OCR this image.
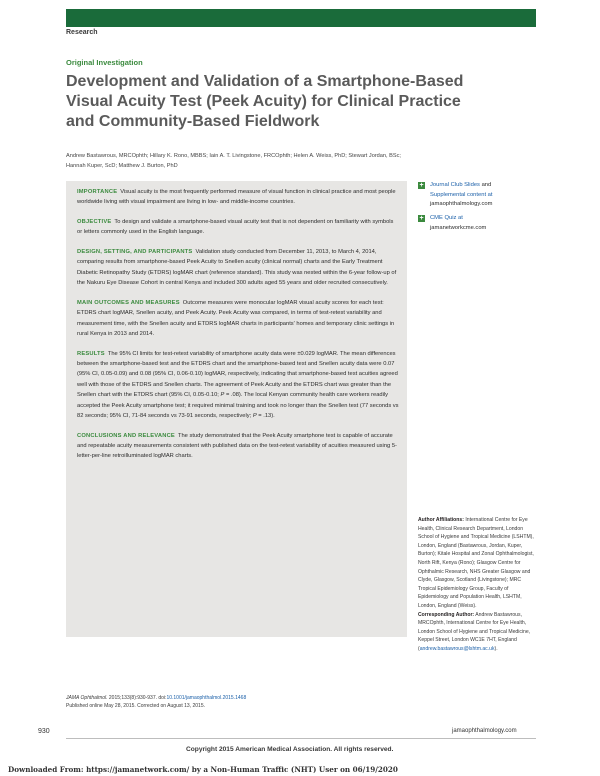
Research
Original Investigation
Development and Validation of a Smartphone-Based Visual Acuity Test (Peek Acuity) for Clinical Practice and Community-Based Fieldwork
Andrew Bastawrous, MRCOphth; Hillary K. Rono, MBBS; Iain A. T. Livingstone, FRCOphth; Helen A. Weiss, PhD; Stewart Jordan, BSc; Hannah Kuper, ScD; Matthew J. Burton, PhD

IMPORTANCE Visual acuity is the most frequently performed measure of visual function in clinical practice and most people worldwide living with visual impairment are living in low- and middle-income countries.

OBJECTIVE To design and validate a smartphone-based visual acuity test that is not dependent on familiarity with symbols or letters commonly used in the English language.

DESIGN, SETTING, AND PARTICIPANTS Validation study conducted from December 11, 2013, to March 4, 2014, comparing results from smartphone-based Peek Acuity to Snellen acuity (clinical normal) charts and the Early Treatment Diabetic Retinopathy Study (ETDRS) logMAR chart (reference standard). This study was nested within the 6-year follow-up of the Nakuru Eye Disease Cohort in central Kenya and included 300 adults aged 55 years and older recruited consecutively.

MAIN OUTCOMES AND MEASURES Outcome measures were monocular logMAR visual acuity scores for each test: ETDRS chart logMAR, Snellen acuity, and Peek Acuity. Peek Acuity was compared, in terms of test-retest variability and measurement time, with the Snellen acuity and ETDRS logMAR charts in participants' homes and temporary clinic settings in rural Kenya in 2013 and 2014.

RESULTS The 95% CI limits for test-retest variability of smartphone acuity data were ±0.029 logMAR. The mean differences between the smartphone-based test and the ETDRS chart and the smartphone-based test and Snellen acuity data were 0.07 (95% CI, 0.05-0.09) and 0.08 (95% CI, 0.06-0.10) logMAR, respectively, indicating that smartphone-based test acuities agreed well with those of the ETDRS and Snellen charts. The agreement of Peek Acuity and the ETDRS chart was greater than the Snellen chart with the ETDRS chart (95% CI, 0.05-0.10; P = .08). The local Kenyan community health care workers readily accepted the Peek Acuity smartphone test; it required minimal training and took no longer than the Snellen test (77 seconds vs 82 seconds; 95% CI, 71-84 seconds vs 73-91 seconds, respectively; P = .13).

CONCLUSIONS AND RELEVANCE The study demonstrated that the Peek Acuity smartphone test is capable of accurate and repeatable acuity measurements consistent with published data on the test-retest variability of acuities measured using 5-letter-per-line retroilluminated logMAR charts.

+ Journal Club Slides and
Supplemental content at
jamaophthalmology.com
+ CME Quiz at
jamanetworkcme.com
Author Affiliations: International Centre for Eye Health, Clinical Research Department, London School of Hygiene and Tropical Medicine (LSHTM), London, England (Bastawrous, Jordan, Kuper, Burton); Kitale Hospital and Zonal Ophthalmologist, North Rift, Kenya (Rono); Glasgow Centre for Ophthalmic Research, NHS Greater Glasgow and Clyde, Glasgow, Scotland (Livingstone); MRC Tropical Epidemiology Group, Faculty of Epidemiology and Population Health, LSHTM, London, England (Weiss).
Corresponding Author: Andrew Bastawrous, MRCOphth, International Centre for Eye Health, London School of Hygiene and Tropical Medicine, Keppel Street, London WC1E 7HT, England (andrew.bastawrous@lshtm.ac.uk).
JAMA Ophthalmol. 2015;133(8):930-937. doi:10.1001/jamaophthalmol.2015.1468
Published online May 28, 2015. Corrected on August 13, 2015.
930	jamaophthalmology.com
Copyright 2015 American Medical Association. All rights reserved.
Downloaded From: https://jamanetwork.com/ by a Non-Human Traffic (NHT) User on 06/19/2020
